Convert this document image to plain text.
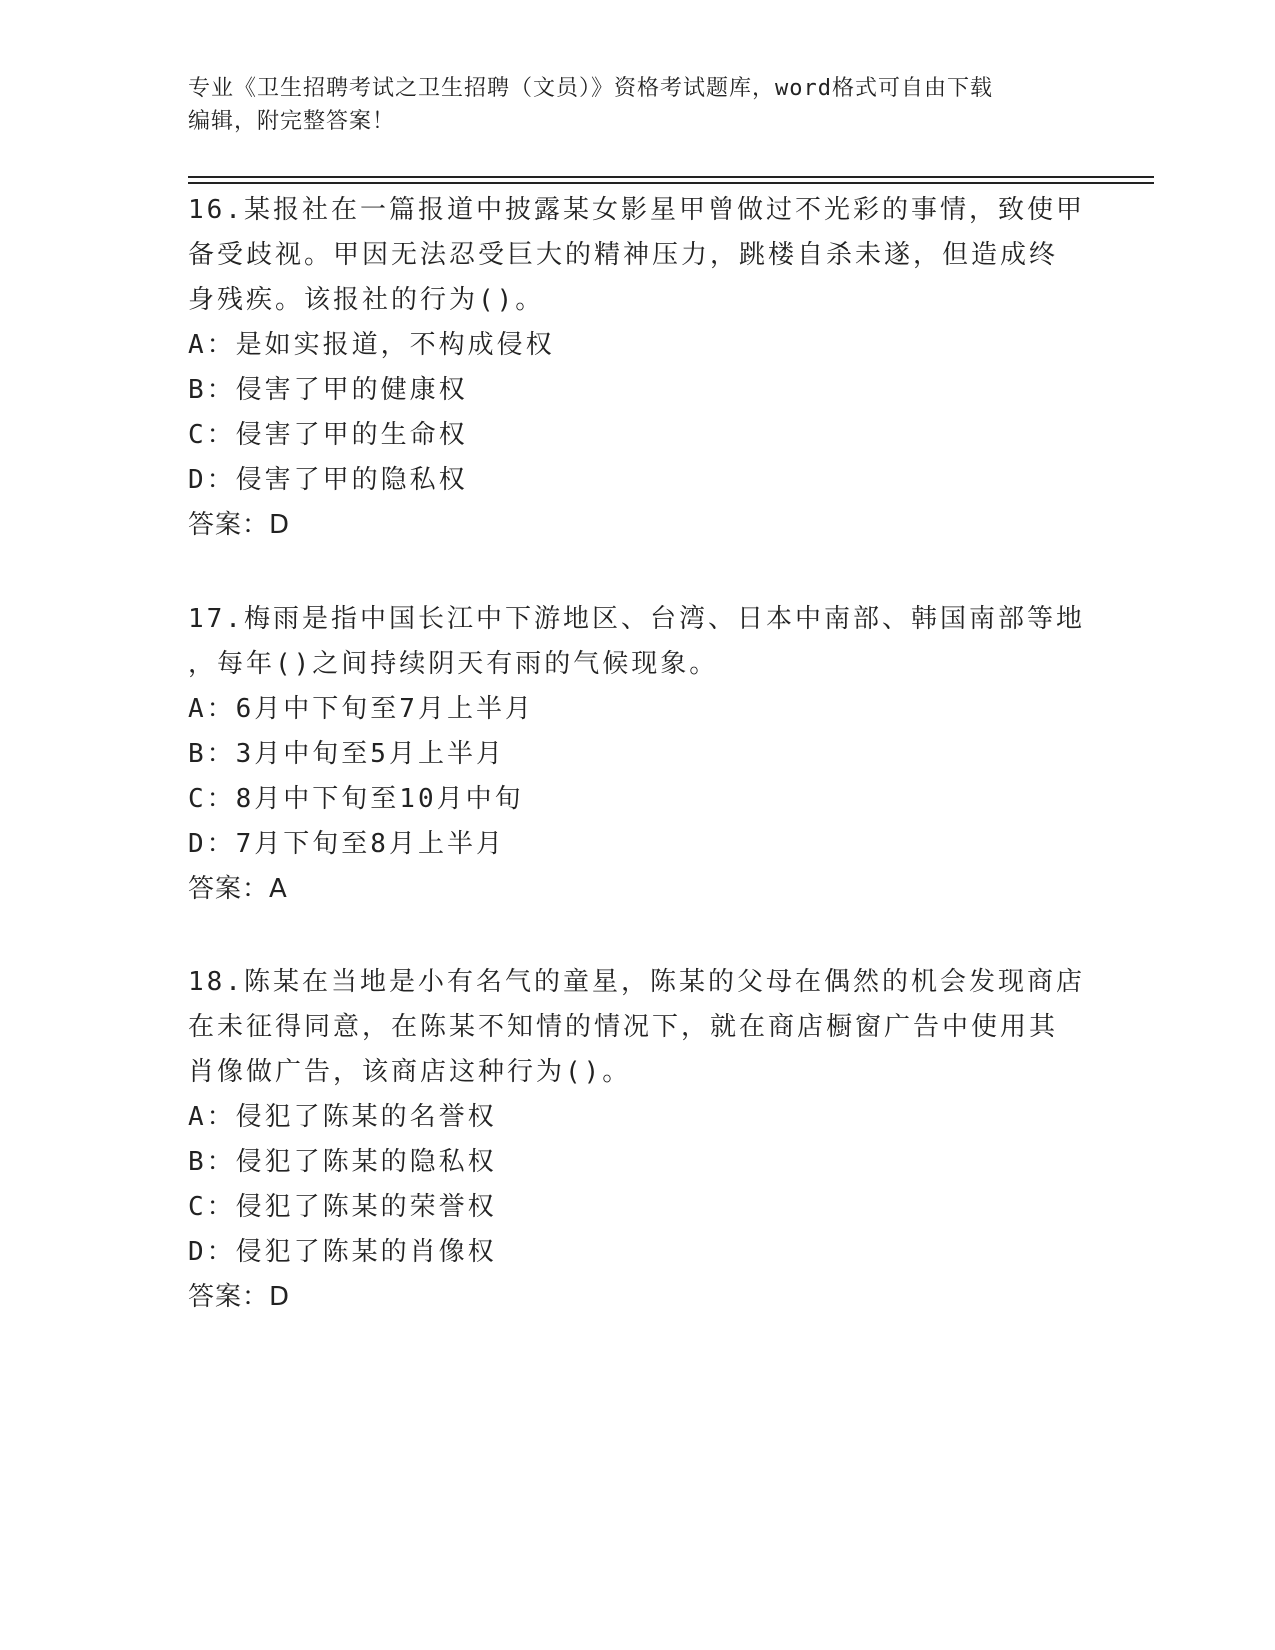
专业《卫生招聘考试之卫生招聘（文员）》资格考试题库，word格式可自由下载
编辑，附完整答案！
16.某报社在一篇报道中披露某女影星甲曾做过不光彩的事情，致使甲
备受歧视。甲因无法忍受巨大的精神压力，跳楼自杀未遂，但造成终
身残疾。该报社的行为()。
A：是如实报道，不构成侵权
B：侵害了甲的健康权
C：侵害了甲的生命权
D：侵害了甲的隐私权
答案：D
17.梅雨是指中国长江中下游地区、台湾、日本中南部、韩国南部等地
，每年()之间持续阴天有雨的气候现象。
A：6月中下旬至7月上半月
B：3月中旬至5月上半月
C：8月中下旬至10月中旬
D：7月下旬至8月上半月
答案：A
18.陈某在当地是小有名气的童星，陈某的父母在偶然的机会发现商店
在未征得同意，在陈某不知情的情况下，就在商店橱窗广告中使用其
肖像做广告，该商店这种行为()。
A：侵犯了陈某的名誉权
B：侵犯了陈某的隐私权
C：侵犯了陈某的荣誉权
D：侵犯了陈某的肖像权
答案：D
